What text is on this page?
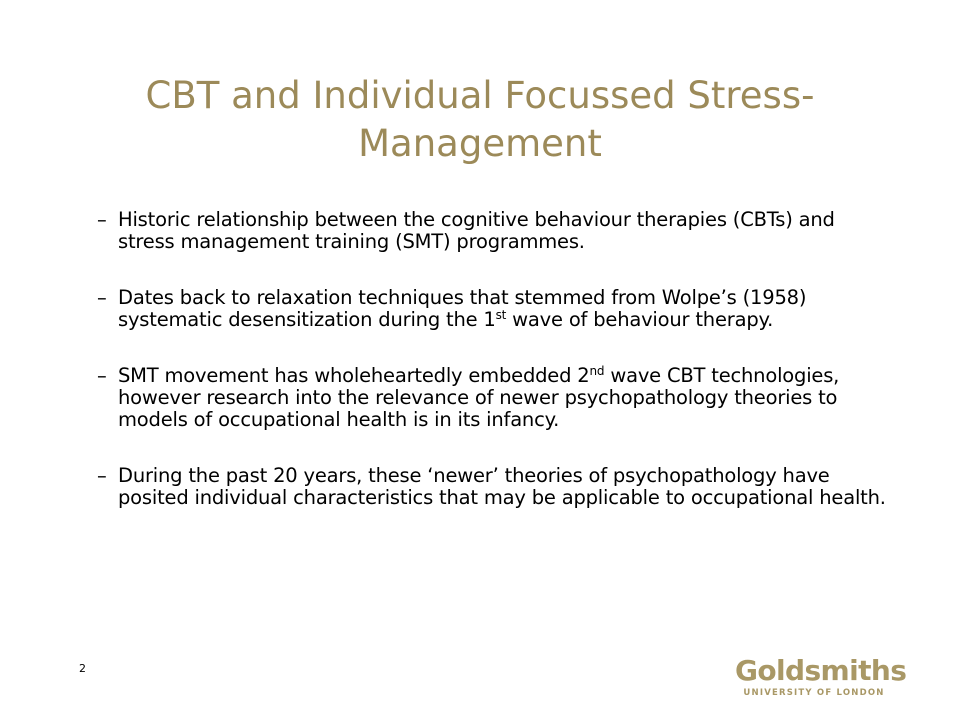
CBT and Individual Focussed Stress-
Management
– Historic relationship between the cognitive behaviour therapies (CBTs) and stress management training (SMT) programmes.
– Dates back to relaxation techniques that stemmed from Wolpe’s (1958) systematic desensitization during the 1st wave of behaviour therapy.
– SMT movement has wholeheartedly embedded 2nd wave CBT technologies, however research into the relevance of newer psychopathology theories to models of occupational health is in its infancy.
– During the past 20 years, these ‘newer’ theories of psychopathology have posited individual characteristics that may be applicable to occupational health.
2	Goldsmiths
UNIVERSITY OF LONDON
